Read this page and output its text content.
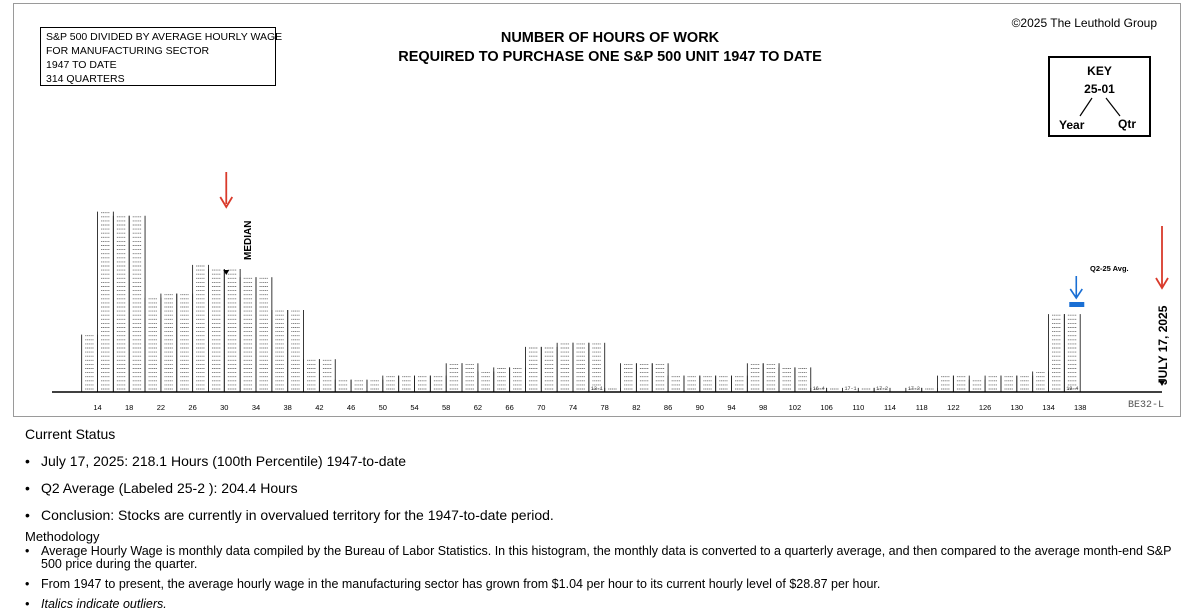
14	18	22	26	30	34	38	42	46	50	54	58	62	66	70	74	78	82	86	90	94	98	102	106	110	114	118	122	126	130	134	138
13-1	16-4	17-1	17-2	17-3	19-4
S&P 500 DIVIDED BY AVERAGE HOURLY WAGE
FOR MANUFACTURING SECTOR
1947 TO DATE
314 QUARTERS
NUMBER OF HOURS OF WORK
REQUIRED TO PURCHASE ONE S&P 500 UNIT 1947 TO DATE
©2025 The Leuthold Group
KEY
25-01
Year	Qtr
MEDIAN
Q2-25 Avg.
JULY 17, 2025
BE32-L
Current Status
• July 17, 2025: 218.1 Hours (100th Percentile) 1947-to-date
• Q2 Average (Labeled 25-2 ): 204.4 Hours
• Conclusion: Stocks are currently in overvalued territory for the 1947-to-date period.
Methodology
• Average Hourly Wage is monthly data compiled by the Bureau of Labor Statistics. In this histogram, the monthly data is converted to a quarterly average, and then compared to the average month-end S&P 500 price during the quarter.
• From 1947 to present, the average hourly wage in the manufacturing sector has grown from $1.04 per hour to its current hourly level of $28.87 per hour.
• Italics indicate outliers.
